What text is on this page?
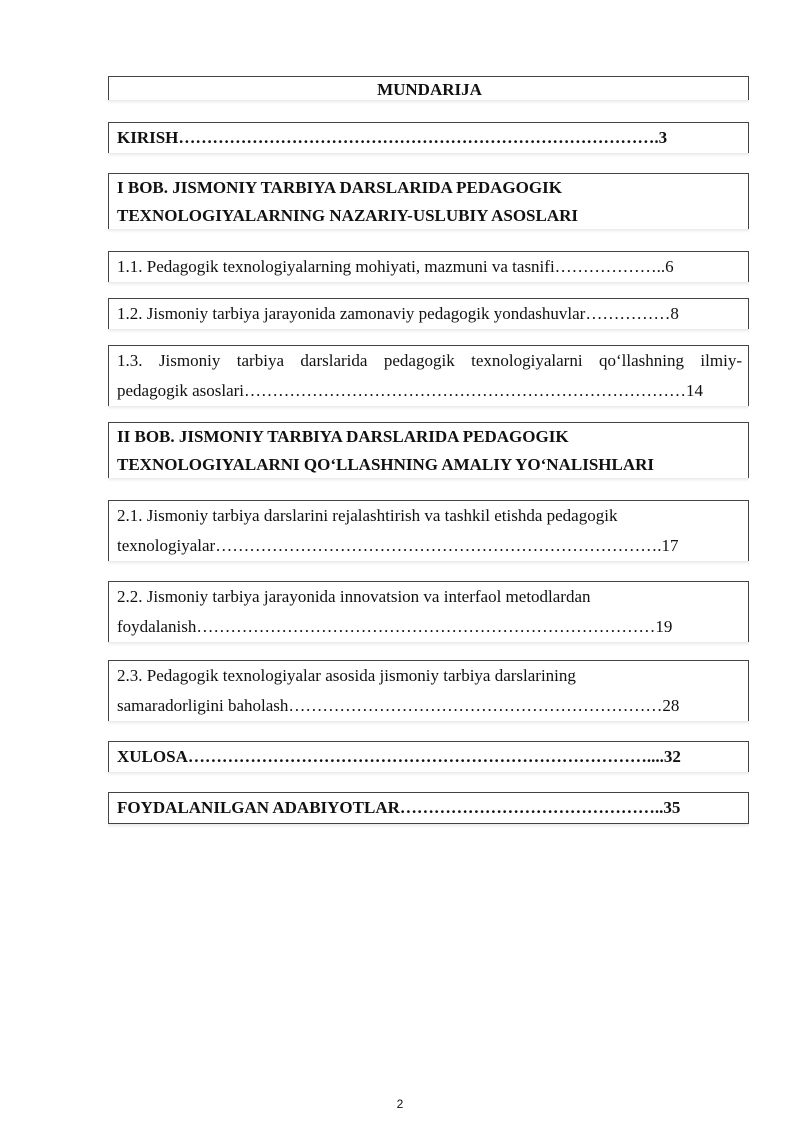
MUNDARIJA
KIRISH………………………………………………………………………….3
I BOB. JISMONIY TARBIYA DARSLARIDA PEDAGOGIK
TEXNOLOGIYALARNING NAZARIY-USLUBIY ASOSLARI
1.1. Pedagogik texnologiyalarning mohiyati, mazmuni va tasnifi………………..6
1.2. Jismoniy tarbiya jarayonida zamonaviy pedagogik yondashuvlar……………8
1.3. Jismoniy tarbiya darslarida pedagogik texnologiyalarni qo‘llashning ilmiy-
pedagogik asoslari……………………………………………………………………14
II BOB. JISMONIY TARBIYA DARSLARIDA PEDAGOGIK
TEXNOLOGIYALARNI QO‘LLASHNING AMALIY YO‘NALISHLARI
2.1. Jismoniy tarbiya darslarini rejalashtirish va tashkil etishda pedagogik
texnologiyalar…………………………………………………………………….17
2.2. Jismoniy tarbiya jarayonida innovatsion va interfaol metodlardan
foydalanish………………………………………………………………………19
2.3. Pedagogik texnologiyalar asosida jismoniy tarbiya darslarining
samaradorligini baholash…………………………………………………………28
XULOSA………………………………………………………………………....32
FOYDALANILGAN ADABIYOTLAR………………………………………..35
2
